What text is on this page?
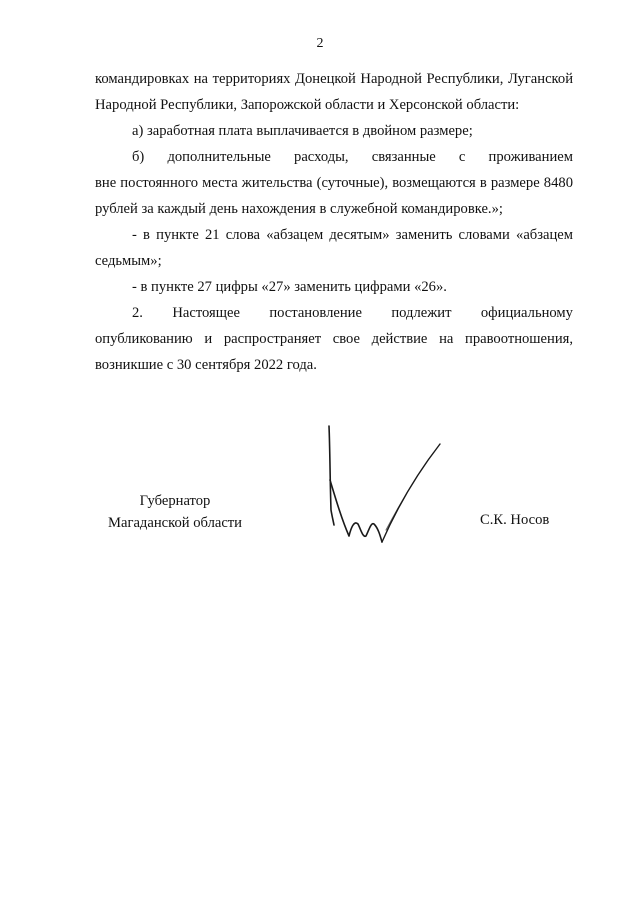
2

командировках на территориях Донецкой Народной Республики, Луганской Народной Республики, Запорожской области и Херсонской области:

а) заработная плата выплачивается в двойном размере;

б) дополнительные расходы, связанные с проживанием
вне постоянного места жительства (суточные), возмещаются в размере 8480 рублей за каждый день нахождения в служебной командировке.»;

- в пункте 21 слова «абзацем десятым» заменить словами «абзацем седьмым»;

- в пункте 27 цифры «27» заменить цифрами «26».

2. Настоящее постановление подлежит официальному
опубликованию и распространяет свое действие на правоотношения, возникшие с 30 сентября 2022 года.
Губернатор
Магаданской области	С.К. Носов
